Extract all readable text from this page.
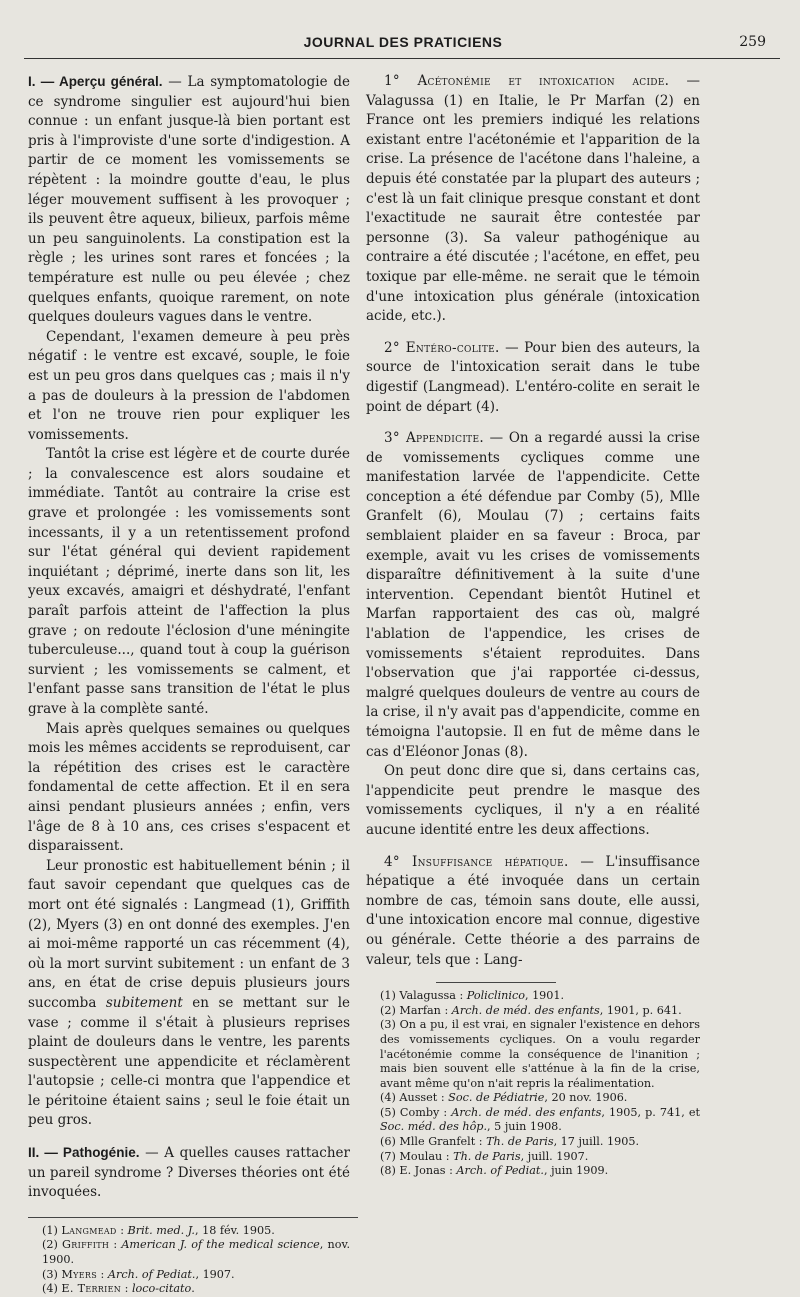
JOURNAL DES PRATICIENS	259

I. — Aperçu général. — La symptomatologie de ce syndrome singulier est aujourd'hui bien connue : un enfant jusque-là bien portant est pris à l'improviste d'une sorte d'indigestion. A partir de ce moment les vomissements se répètent : la moindre goutte d'eau, le plus léger mouvement suffisent à les provoquer ; ils peuvent être aqueux, bilieux, parfois même un peu sanguinolents. La constipation est la règle ; les urines sont rares et foncées ; la température est nulle ou peu élevée ; chez quelques enfants, quoique rarement, on note quelques douleurs vagues dans le ventre.

Cependant, l'examen demeure à peu près négatif : le ventre est excavé, souple, le foie est un peu gros dans quelques cas ; mais il n'y a pas de douleurs à la pression de l'abdomen et l'on ne trouve rien pour expliquer les vomissements.

Tantôt la crise est légère et de courte durée ; la convalescence est alors soudaine et immédiate. Tantôt au contraire la crise est grave et prolongée : les vomissements sont incessants, il y a un retentissement profond sur l'état général qui devient rapidement inquiétant ; déprimé, inerte dans son lit, les yeux excavés, amaigri et déshydraté, l'enfant paraît parfois atteint de l'affection la plus grave ; on redoute l'éclosion d'une méningite tuberculeuse..., quand tout à coup la guérison survient ; les vomissements se calment, et l'enfant passe sans transition de l'état le plus grave à la complète santé.

Mais après quelques semaines ou quelques mois les mêmes accidents se reproduisent, car la répétition des crises est le caractère fondamental de cette affection. Et il en sera ainsi pendant plusieurs années ; enfin, vers l'âge de 8 à 10 ans, ces crises s'espacent et disparaissent.

Leur pronostic est habituellement bénin ; il faut savoir cependant que quelques cas de mort ont été signalés : Langmead (1), Griffith (2), Myers (3) en ont donné des exemples. J'en ai moi-même rapporté un cas récemment (4), où la mort survint subitement : un enfant de 3 ans, en état de crise depuis plusieurs jours succomba subitement en se mettant sur le vase ; comme il s'était à plusieurs reprises plaint de douleurs dans le ventre, les parents suspectèrent une appendicite et réclamèrent l'autopsie ; celle-ci montra que l'appendice et le péritoine étaient sains ; seul le foie était un peu gros.

II. — Pathogénie. — A quelles causes rattacher un pareil syndrome ? Diverses théories ont été invoquées.

(1) Langmead : Brit. med. J., 18 fév. 1905.

(2) Griffith : American J. of the medical science, nov. 1900.

(3) Myers : Arch. of Pediat., 1907.

(4) E. Terrien : loco-citato.

1° Acétonémie et intoxication acide. — Valagussa (1) en Italie, le Pr Marfan (2) en France ont les premiers indiqué les relations existant entre l'acétonémie et l'apparition de la crise. La présence de l'acétone dans l'haleine, a depuis été constatée par la plupart des auteurs ; c'est là un fait clinique presque constant et dont l'exactitude ne saurait être contestée par personne (3). Sa valeur pathogénique au contraire a été discutée ; l'acétone, en effet, peu toxique par elle-même. ne serait que le témoin d'une intoxication plus générale (intoxication acide, etc.).

2° Entéro-colite. — Pour bien des auteurs, la source de l'intoxication serait dans le tube digestif (Langmead). L'entéro-colite en serait le point de départ (4).

3° Appendicite. — On a regardé aussi la crise de vomissements cycliques comme une manifestation larvée de l'appendicite. Cette conception a été défendue par Comby (5), Mlle Granfelt (6), Moulau (7) ; certains faits semblaient plaider en sa faveur : Broca, par exemple, avait vu les crises de vomissements disparaître définitivement à la suite d'une intervention. Cependant bientôt Hutinel et Marfan rapportaient des cas où, malgré l'ablation de l'appendice, les crises de vomissements s'étaient reproduites. Dans l'observation que j'ai rapportée ci-dessus, malgré quelques douleurs de ventre au cours de la crise, il n'y avait pas d'appendicite, comme en témoigna l'autopsie. Il en fut de même dans le cas d'Eléonor Jonas (8).

On peut donc dire que si, dans certains cas, l'appendicite peut prendre le masque des vomissements cycliques, il n'y a en réalité aucune identité entre les deux affections.

4° Insuffisance hépatique. — L'insuffisance hépatique a été invoquée dans un certain nombre de cas, témoin sans doute, elle aussi, d'une intoxication encore mal connue, digestive ou générale. Cette théorie a des parrains de valeur, tels que : Lang-

(1) Valagussa : Policlinico, 1901.

(2) Marfan : Arch. de méd. des enfants, 1901, p. 641.

(3) On a pu, il est vrai, en signaler l'existence en dehors des vomissements cycliques. On a voulu regarder l'acétonémie comme la conséquence de l'inanition ; mais bien souvent elle s'atténue à la fin de la crise, avant même qu'on n'ait repris la réalimentation.

(4) Ausset : Soc. de Pédiatrie, 20 nov. 1906.

(5) Comby : Arch. de méd. des enfants, 1905, p. 741, et Soc. méd. des hôp., 5 juin 1908.

(6) Mlle Granfelt : Th. de Paris, 17 juill. 1905.

(7) Moulau : Th. de Paris, juill. 1907.

(8) E. Jonas : Arch. of Pediat., juin 1909.
